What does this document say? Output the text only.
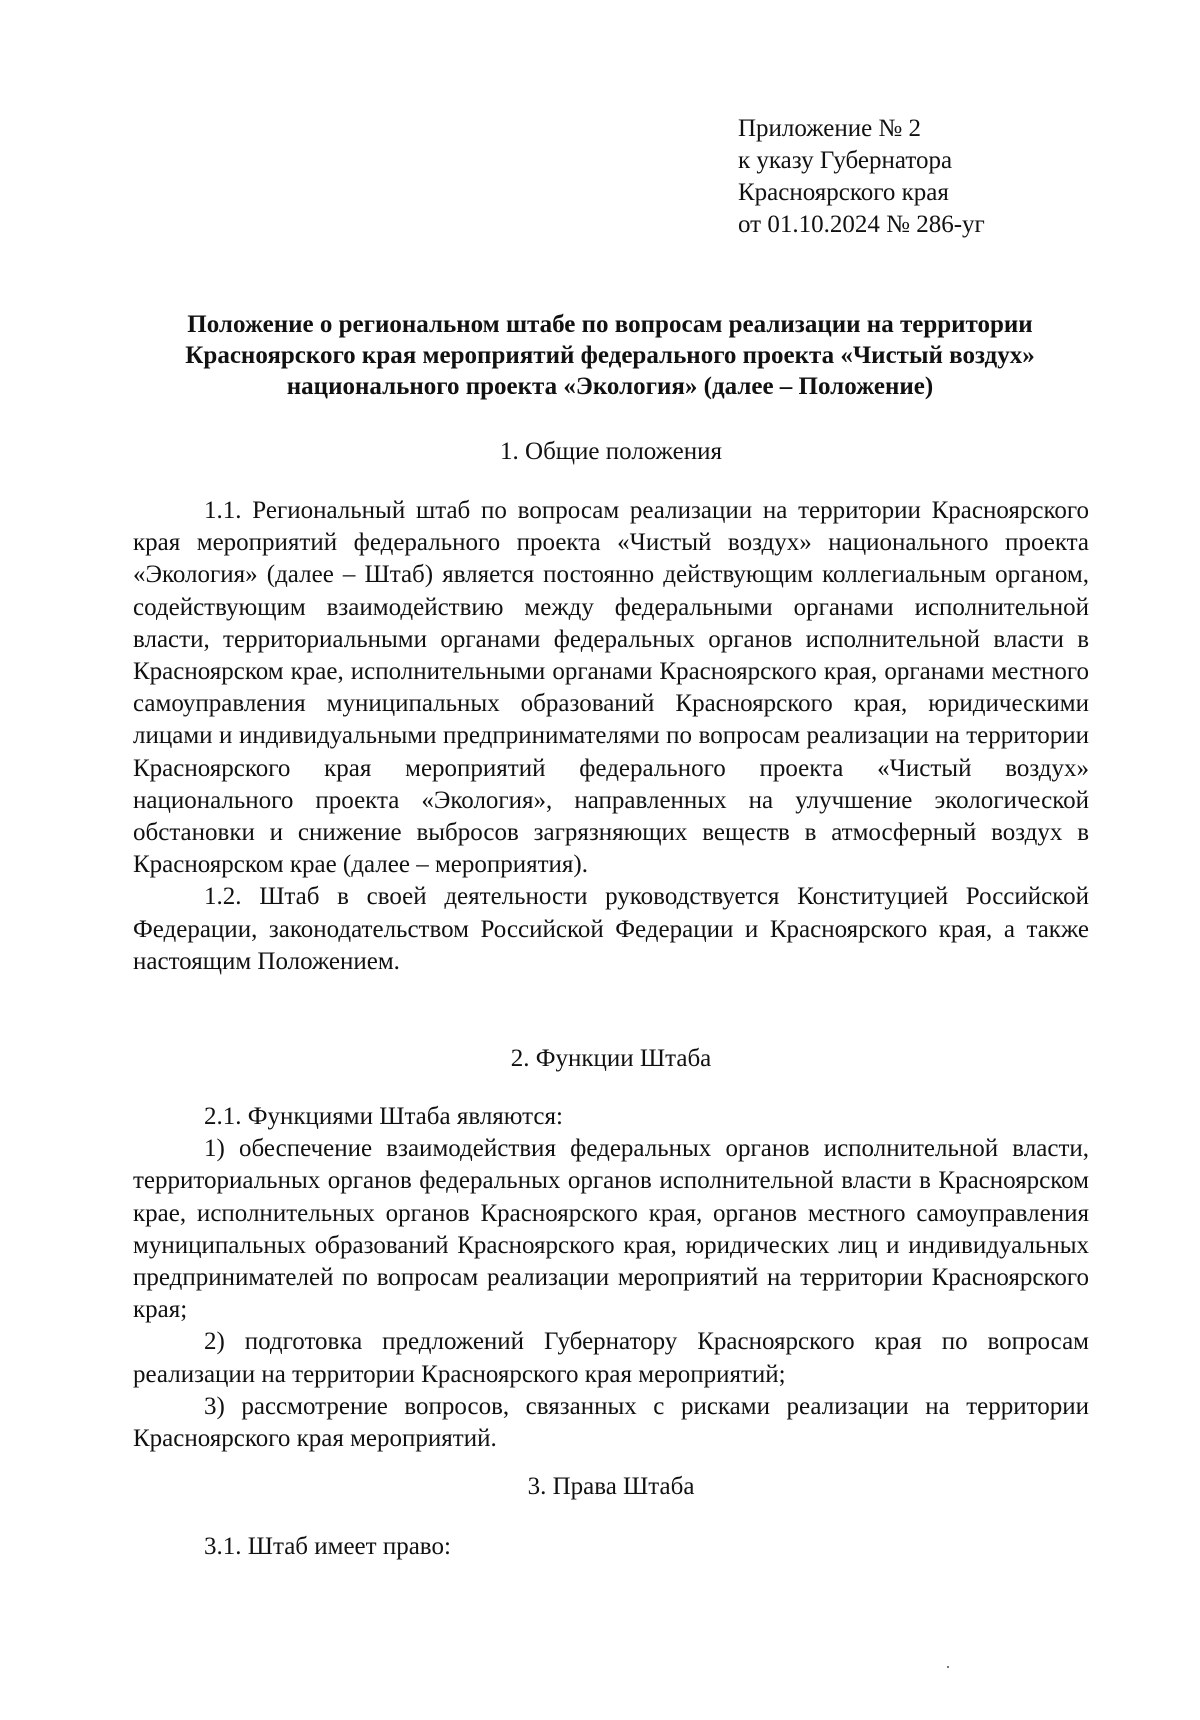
Приложение № 2
к указу Губернатора
Красноярского края
от 01.10.2024 № 286-уг
Положение о региональном штабе по вопросам реализации на территории Красноярского края мероприятий федерального проекта «Чистый воздух» национального проекта «Экология» (далее – Положение)
1. Общие положения

1.1. Региональный штаб по вопросам реализации на территории Красноярского края мероприятий федерального проекта «Чистый воздух» национального проекта «Экология» (далее – Штаб) является постоянно действующим коллегиальным органом, содействующим взаимодействию между федеральными органами исполнительной власти, территориальными органами федеральных органов исполнительной власти в Красноярском крае, исполнительными органами Красноярского края, органами местного самоуправления муниципальных образований Красноярского края, юридическими лицами и индивидуальными предпринимателями по вопросам реализации на территории Красноярского края мероприятий федерального проекта «Чистый воздух» национального проекта «Экология», направленных на улучшение экологической обстановки и снижение выбросов загрязняющих веществ в атмосферный воздух в Красноярском крае (далее – мероприятия).

1.2. Штаб в своей деятельности руководствуется Конституцией Российской Федерации, законодательством Российской Федерации и Красноярского края, а также настоящим Положением.

2. Функции Штаба

2.1. Функциями Штаба являются:

1) обеспечение взаимодействия федеральных органов исполнительной власти, территориальных органов федеральных органов исполнительной власти в Красноярском крае, исполнительных органов Красноярского края, органов местного самоуправления муниципальных образований Красноярского края, юридических лиц и индивидуальных предпринимателей по вопросам реализации мероприятий на территории Красноярского края;

2) подготовка предложений Губернатору Красноярского края по вопросам реализации на территории Красноярского края мероприятий;

3) рассмотрение вопросов, связанных с рисками реализации на территории Красноярского края мероприятий.

3. Права Штаба

3.1. Штаб имеет право:
